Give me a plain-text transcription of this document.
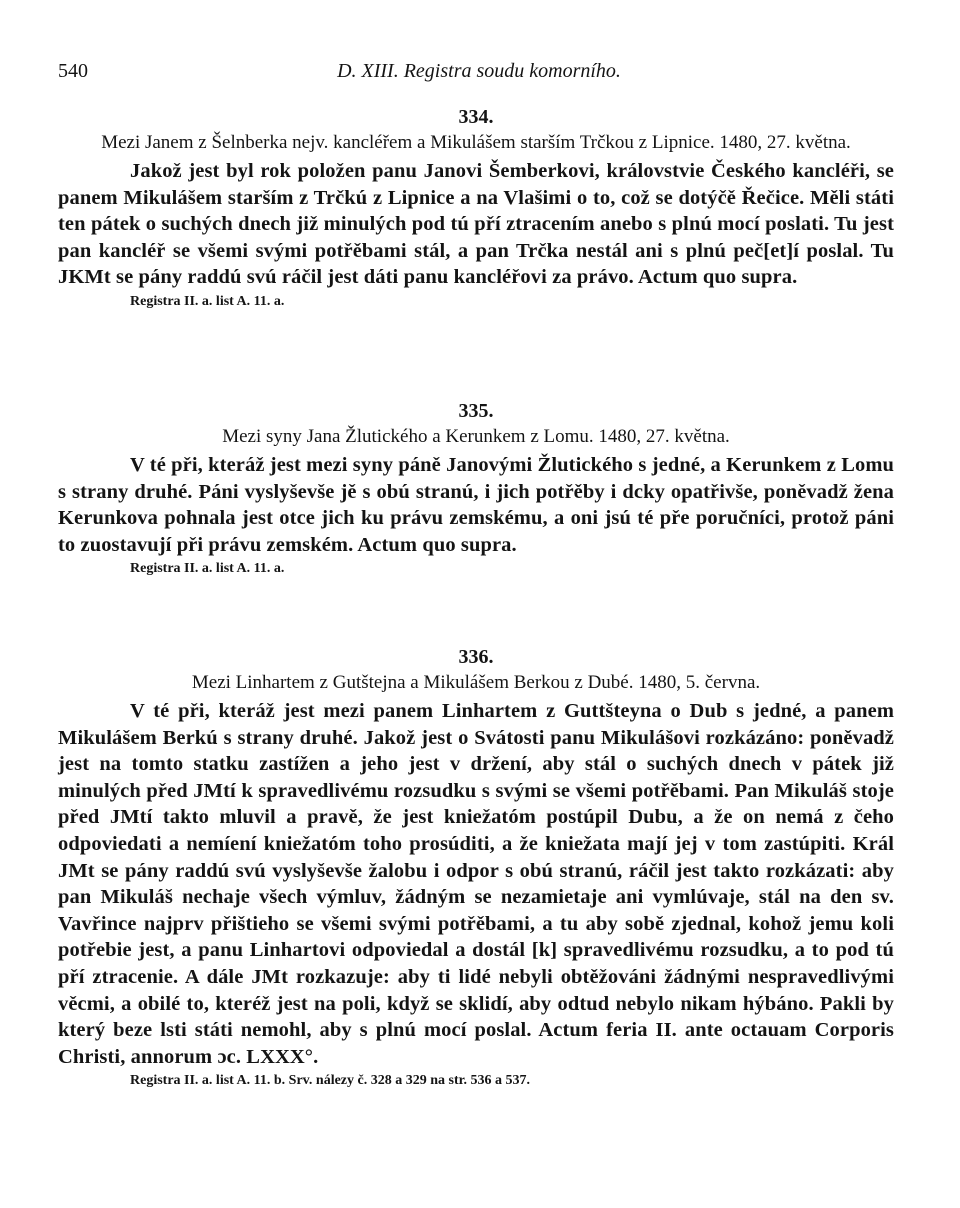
540	D. XIII. Registra soudu komorního.

334.

Mezi Janem z Šelnberka nejv. kancléřem a Mikulášem starším Trčkou z Lipnice. 1480, 27. května.

Jakož jest byl rok položen panu Janovi Šemberkovi, královstvie Českého kancléři, se panem Mikulášem starším z Trčkú z Lipnice a na Vlašimi o to, což se dotýčě Řečice. Měli státi ten pátek o suchých dnech již minulých pod tú pří ztracením anebo s plnú mocí poslati. Tu jest pan kancléř se všemi svými potřěbami stál, a pan Trčka nestál ani s plnú peč[et]í poslal. Tu JKMt se pány raddú svú ráčil jest dáti panu kancléřovi za právo. Actum quo supra.

Registra II. a. list A. 11. a.

335.

Mezi syny Jana Žlutického a Kerunkem z Lomu. 1480, 27. května.

V té při, kteráž jest mezi syny páně Janovými Žlutického s jedné, a Kerunkem z Lomu s strany druhé. Páni vyslyševše jě s obú stranú, i jich potřěby i dcky opatřivše, poněvadž žena Kerunkova pohnala jest otce jich ku právu zemskému, a oni jsú té pře poručníci, protož páni to zuostavují při právu zemském. Actum quo supra.

Registra II. a. list A. 11. a.

336.

Mezi Linhartem z Gutštejna a Mikulášem Berkou z Dubé. 1480, 5. června.

V té při, kteráž jest mezi panem Linhartem z Guttšteyna o Dub s jedné, a panem Mikulášem Berkú s strany druhé. Jakož jest o Svátosti panu Mikulášovi rozkázáno: poněvadž jest na tomto statku zastížen a jeho jest v držení, aby stál o suchých dnech v pátek již minulých před JMtí k spravedlivému rozsudku s svými se všemi potřěbami. Pan Mikuláš stoje před JMtí takto mluvil a pravě, že jest kniežatóm postúpil Dubu, a že on nemá z čeho odpoviedati a nemíení kniežatóm toho prosúditi, a že kniežata mají jej v tom zastúpiti. Král JMt se pány raddú svú vyslyševše žalobu i odpor s obú stranú, ráčil jest takto rozkázati: aby pan Mikuláš nechaje všech výmluv, žádným se nezamietaje ani vymlúvaje, stál na den sv. Vavřince najprv přištieho se všemi svými potřěbami, a tu aby sobě zjednal, kohož jemu koli potřebie jest, a panu Linhartovi odpoviedal a dostál [k] spravedlivému rozsudku, a to pod tú pří ztracenie. A dále JMt rozkazuje: aby ti lidé nebyli obtěžováni žádnými nespravedlivými věcmi, a obilé to, kteréž jest na poli, když se sklidí, aby odtud nebylo nikam hýbáno. Pakli by který beze lsti státi nemohl, aby s plnú mocí poslal. Actum feria II. ante octauam Corporis Christi, annorum ɔc. LXXX°.

Registra II. a. list A. 11. b. Srv. nálezy č. 328 a 329 na str. 536 a 537.
